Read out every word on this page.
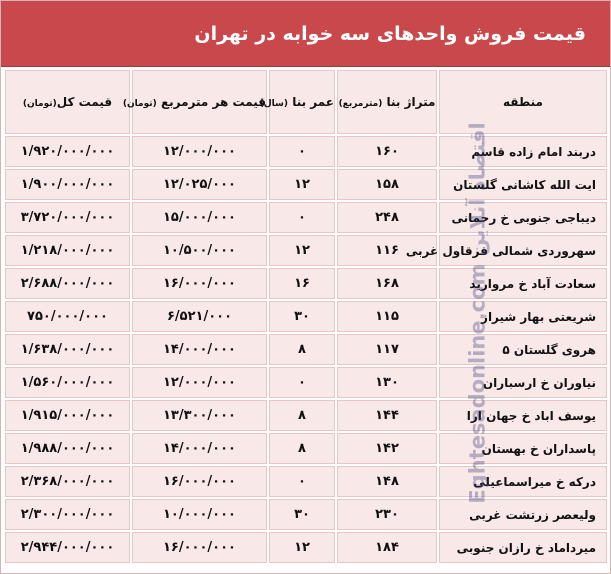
قیمت فروش واحدهای سه خوابه در تهران
منطقه	متراژ بنا (مترمربع)	عمر بنا (سال)	قیمت هر مترمربع (تومان)	قیمت کل(تومان)
دربند امام زاده قاسم	۱۶۰	۰	۱۲/۰۰۰/۰۰۰	۱/۹۲۰/۰۰۰/۰۰۰
ایت الله کاشانی گلستان	۱۵۸	۱۲	۱۲/۰۲۵/۰۰۰	۱/۹۰۰/۰۰۰/۰۰۰
دیباجی جنوبی خ رحمانی	۲۴۸	۰	۱۵/۰۰۰/۰۰۰	۳/۷۲۰/۰۰۰/۰۰۰
سهروردی شمالی قرقاول غربی	۱۱۶	۱۲	۱۰/۵۰۰/۰۰۰	۱/۲۱۸/۰۰۰/۰۰۰
سعادت آباد خ مروارید	۱۶۸	۱۶	۱۶/۰۰۰/۰۰۰	۲/۶۸۸/۰۰۰/۰۰۰
شریعتی بهار شیراز	۱۱۵	۳۰	۶/۵۲۱/۰۰۰	۷۵۰/۰۰۰/۰۰۰
هروی گلستان ۵	۱۱۷	۸	۱۴/۰۰۰/۰۰۰	۱/۶۳۸/۰۰۰/۰۰۰
نیاوران خ ارسباران	۱۳۰	۰	۱۲/۰۰۰/۰۰۰	۱/۵۶۰/۰۰۰/۰۰۰
یوسف اباد خ جهان ارا	۱۴۴	۸	۱۳/۳۰۰/۰۰۰	۱/۹۱۵/۰۰۰/۰۰۰
پاسداران خ بهستان	۱۴۲	۸	۱۴/۰۰۰/۰۰۰	۱/۹۸۸/۰۰۰/۰۰۰
درکه خ میراسماعیلی	۱۴۸	۰	۱۶/۰۰۰/۰۰۰	۲/۳۶۸/۰۰۰/۰۰۰
ولیعصر زرتشت غربی	۲۳۰	۳۰	۱۰/۰۰۰/۰۰۰	۲/۳۰۰/۰۰۰/۰۰۰
میرداماد خ رازان جنوبی	۱۸۴	۱۲	۱۶/۰۰۰/۰۰۰	۲/۹۴۴/۰۰۰/۰۰۰
Eghtesadonline.com اقتصاد آنلاین
